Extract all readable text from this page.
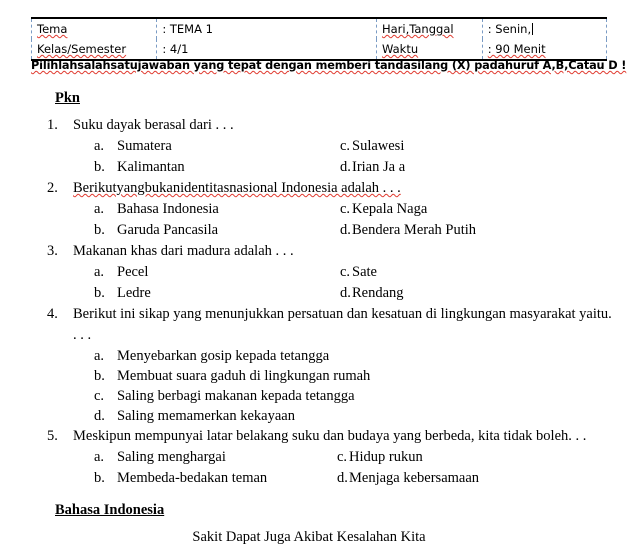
Tema	: TEMA 1	Hari,Tanggal	: Senin,
Kelas/Semester	: 4/1	Waktu	: 90 Menit
Pilihlahsalahsatujawaban yang tepat dengan memberi tandasilang (X) padahuruf A,B,Catau D !
Pkn
1.	Suku dayak berasal dari . . .
a. Sumatera	c. Sulawesi
b. Kalimantan	d.Irian Ja a
2.	Berikutyangbukanidentitasnasional Indonesia adalah . . .
a. Bahasa Indonesia	c. Kepala Naga
b. Garuda Pancasila	d.Bendera Merah Putih
3.	Makanan khas dari madura adalah . . .
a. Pecel	c. Sate
b. Ledre	d.Rendang
4.	Berikut ini sikap yang menunjukkan persatuan dan kesatuan di lingkungan masyarakat yaitu.
. . .
a. Menyebarkan gosip kepada tetangga
b. Membuat suara gaduh di lingkungan rumah
c. Saling berbagi makanan kepada tetangga
d. Saling memamerkan kekayaan
5.	Meskipun mempunyai latar belakang suku dan budaya yang berbeda, kita tidak boleh. . .
a. Saling menghargai	c. Hidup rukun
b. Membeda-bedakan teman	d.Menjaga kebersamaan
Bahasa Indonesia
Sakit Dapat Juga Akibat Kesalahan Kita
